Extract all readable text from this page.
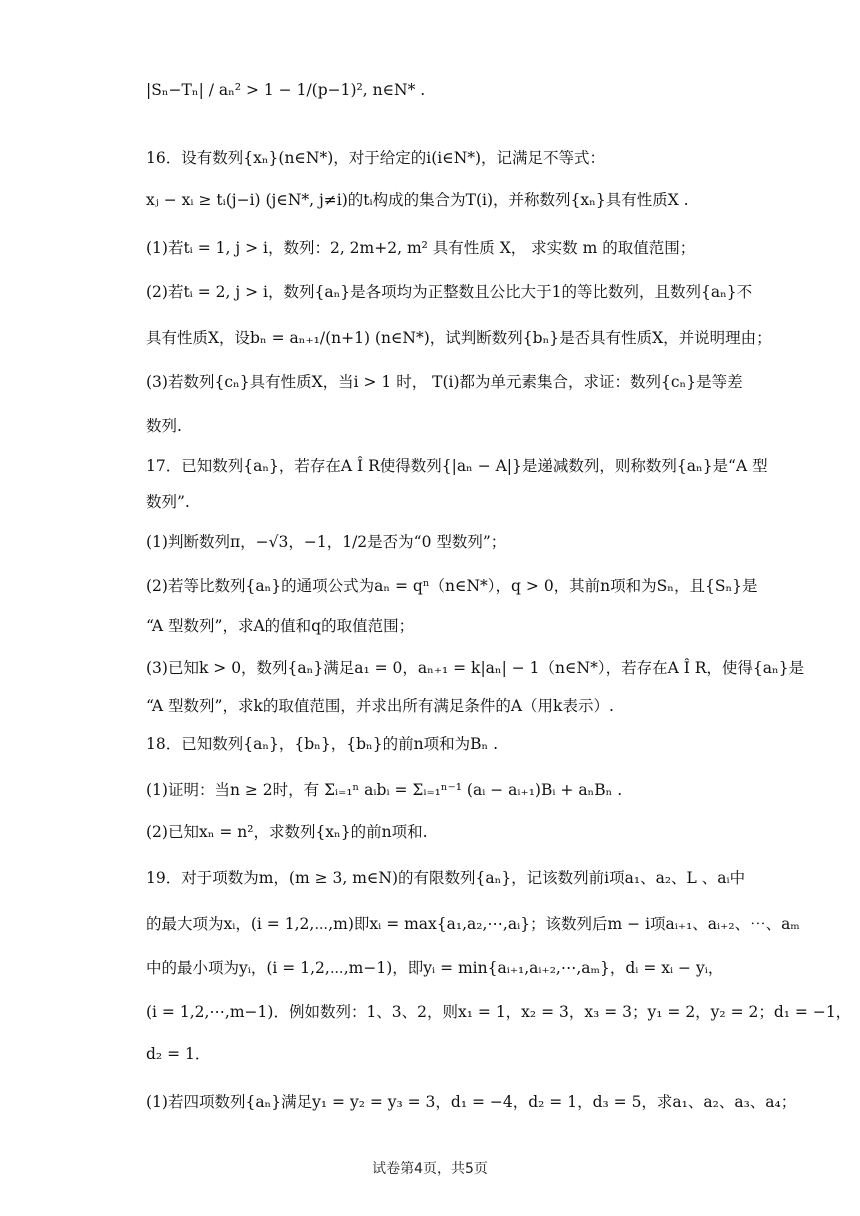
|Sₙ−Tₙ| / aₙ² > 1 − 1/(p−1)², n∈N* .
16．设有数列{xₙ}(n∈N*)，对于给定的i(i∈N*)，记满足不等式：
xⱼ − xᵢ ≥ tᵢ(j−i) (j∈N*, j≠i)的tᵢ构成的集合为T(i)，并称数列{xₙ}具有性质X .
(1)若tᵢ = 1, j > i，数列：2, 2m+2, m² 具有性质 X， 求实数 m 的取值范围；
(2)若tᵢ = 2, j > i，数列{aₙ}是各项均为正整数且公比大于1的等比数列，且数列{aₙ}不
具有性质X，设bₙ = aₙ₊₁/(n+1) (n∈N*)，试判断数列{bₙ}是否具有性质X，并说明理由；
(3)若数列{cₙ}具有性质X，当i > 1 时， T(i)都为单元素集合，求证：数列{cₙ}是等差
数列.
17．已知数列{aₙ}，若存在A Î R使得数列{|aₙ − A|}是递减数列，则称数列{aₙ}是“A 型
数列”.
(1)判断数列π，−√3，−1，1/2是否为“0 型数列”；
(2)若等比数列{aₙ}的通项公式为aₙ = qⁿ（n∈N*），q > 0，其前n项和为Sₙ，且{Sₙ}是
“A 型数列”，求A的值和q的取值范围；
(3)已知k > 0，数列{aₙ}满足a₁ = 0，aₙ₊₁ = k|aₙ| − 1（n∈N*），若存在A Î R，使得{aₙ}是
“A 型数列”，求k的取值范围，并求出所有满足条件的A（用k表示）.
18．已知数列{aₙ}，{bₙ}，{bₙ}的前n项和为Bₙ .
(1)证明：当n ≥ 2时，有 Σᵢ₌₁ⁿ aᵢbᵢ = Σᵢ₌₁ⁿ⁻¹ (aᵢ − aᵢ₊₁)Bᵢ + aₙBₙ .
(2)已知xₙ = n²，求数列{xₙ}的前n项和.
19．对于项数为m，(m ≥ 3, m∈N)的有限数列{aₙ}，记该数列前i项a₁、a₂、L 、aᵢ中
的最大项为xᵢ，(i = 1,2,⋯,m)即xᵢ = max{a₁,a₂,⋯,aᵢ}；该数列后m − i项aᵢ₊₁、aᵢ₊₂、⋯、aₘ
中的最小项为yᵢ，(i = 1,2,⋯,m−1)，即yᵢ = min{aᵢ₊₁,aᵢ₊₂,⋯,aₘ}，dᵢ = xᵢ − yᵢ，
(i = 1,2,⋯,m−1)．例如数列：1、3、2，则x₁ = 1，x₂ = 3，x₃ = 3；y₁ = 2，y₂ = 2；d₁ = −1，
d₂ = 1．
(1)若四项数列{aₙ}满足y₁ = y₂ = y₃ = 3，d₁ = −4，d₂ = 1，d₃ = 5，求a₁、a₂、a₃、a₄；
试卷第4页，共5页
